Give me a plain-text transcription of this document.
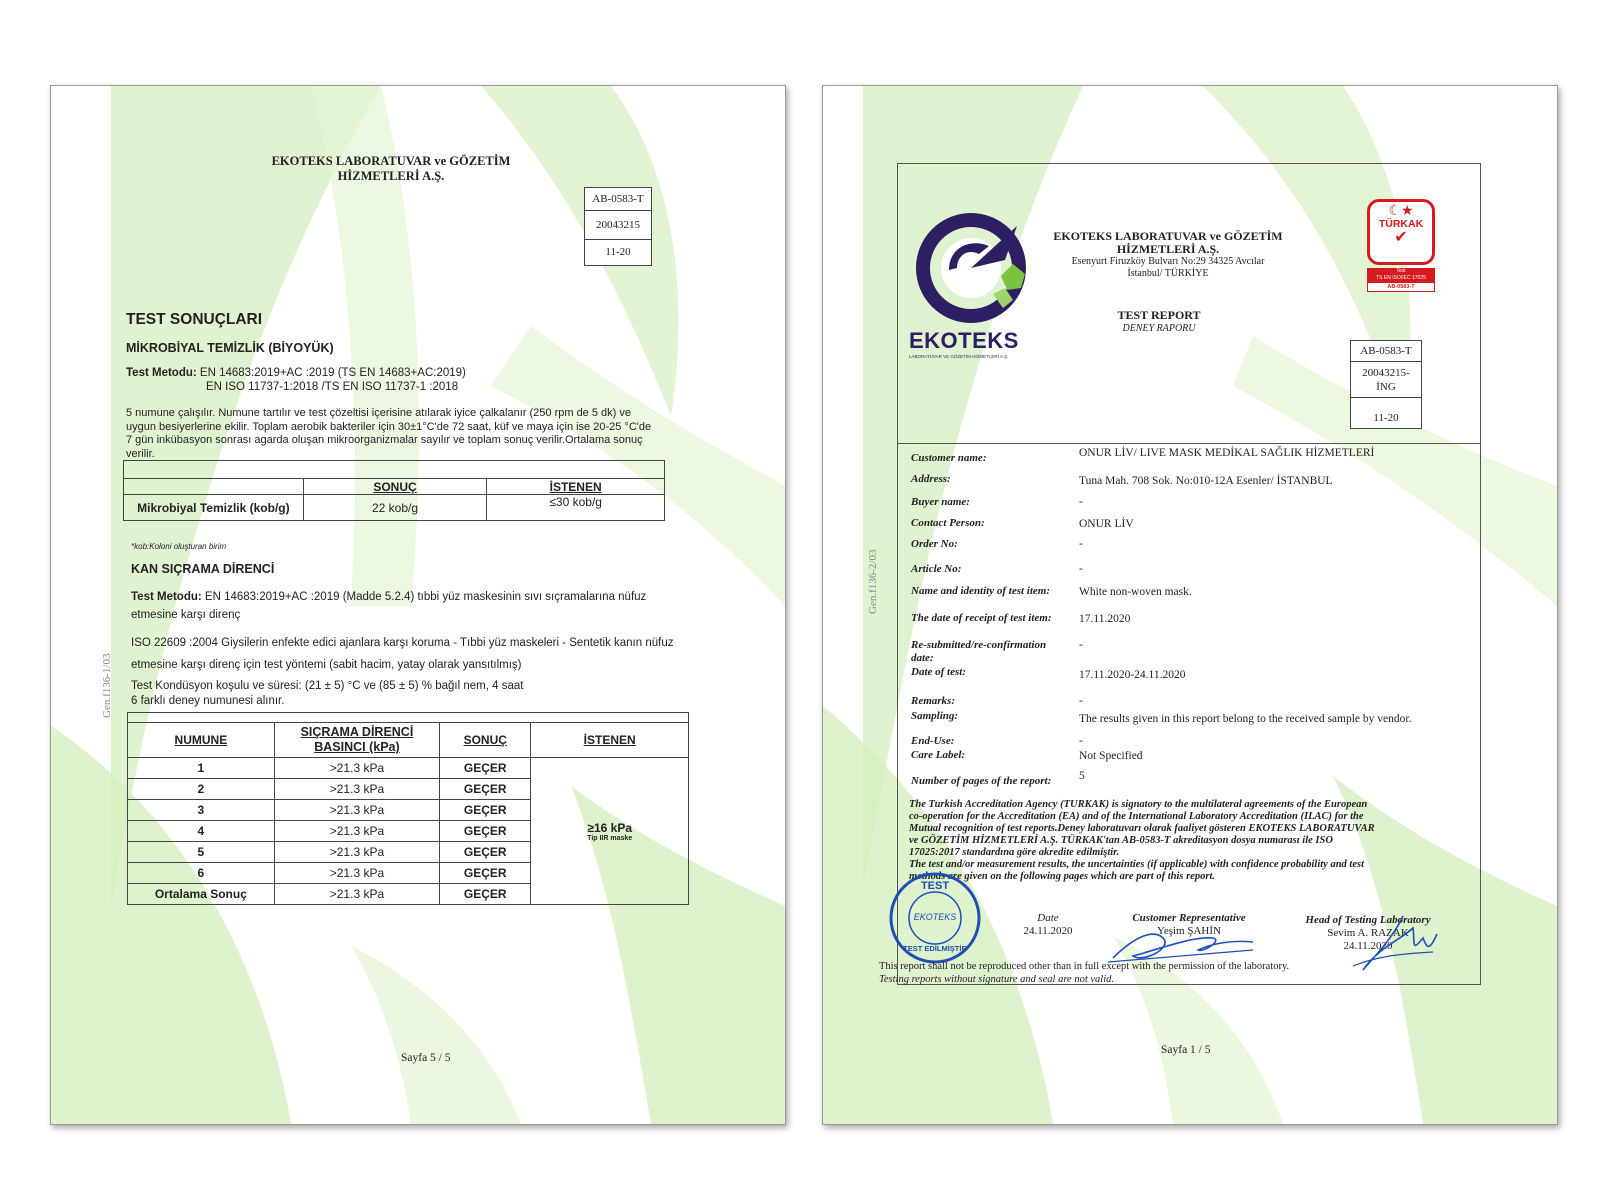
EKOTEKS LABORATUVAR ve GÖZETİM
HİZMETLERİ A.Ş.
AB-0583-T
20043215
11-20
Gen.f136-1/03
TEST SONUÇLARI
MİKROBİYAL TEMİZLİK (BİYOYÜK)
Test Metodu: EN 14683:2019+AC :2019 (TS EN 14683+AC:2019)
EN ISO 11737-1:2018 /TS EN ISO 11737-1 :2018
5 numune çalışılır. Numune tartılır ve test çözeltisi içerisine atılarak iyice çalkalanır (250 rpm de 5 dk) ve
uygun besiyerlerine ekilir. Toplam aerobik bakteriler için 30±1°C'de 72 saat, küf ve maya için ise 20-25 °C'de
7 gün inkübasyon sonrası agarda oluşan mikroorganizmalar sayılır ve toplam sonuç verilir.Ortalama sonuç
verilir.

	SONUÇ	İSTENEN
Mikrobiyal Temizlik (kob/g)	22 kob/g	≤30 kob/g
*kob:Koloni oluşturan birim
KAN SIÇRAMA DİRENCİ
Test Metodu: EN 14683:2019+AC :2019 (Madde 5.2.4) tıbbi yüz maskesinin sıvı sıçramalarına nüfuz
etmesine karşı direnç
ISO 22609 :2004 Giysilerin enfekte edici ajanlara karşı koruma - Tıbbi yüz maskeleri - Sentetik kanın nüfuz
etmesine karşı direnç için test yöntemi (sabit hacim, yatay olarak yansıtılmış)
Test Kondüsyon koşulu ve süresi: (21 ± 5) °C ve (85 ± 5) % bağıl nem, 4 saat
6 farklı deney numunesi alınır.

NUMUNE	SIÇRAMA DİRENCİ
BASINCI (kPa)	SONUÇ	İSTENEN
1	>21.3 kPa	GEÇER	≥16 kPa
Tip IIR maske

2	>21.3 kPa	GEÇER	
3	>21.3 kPa	GEÇER	
4	>21.3 kPa	GEÇER	
5	>21.3 kPa	GEÇER	
6	>21.3 kPa	GEÇER	
Ortalama Sonuç	>21.3 kPa	GEÇER	
Sayfa 5 / 5
EKOTEKS
LABORATUVAR VE GÖZETİM HİZMETLERİ A.Ş.
EKOTEKS LABORATUVAR ve GÖZETİM
HİZMETLERİ A.Ş.
Esenyurt Firuzköy Bulvarı No:29 34325 Avcılar
İstanbul/ TÜRKİYE
TEST REPORT
DENEY RAPORU
☾★
TÜRKAK
✔
Test
TS EN ISO/IEC 17025
AB-0583-T
AB-0583-T
20043215-
İNG
11-20
Gen.f136-2/03
Customer name:	ONUR LİV/ LIVE MASK MEDİKAL SAĞLIK HİZMETLERİ
Address:	Tuna Mah. 708 Sok. No:010-12A Esenler/ İSTANBUL
Buyer name:	-
Contact Person:	ONUR LİV
Order No:	-
Article No:	-
Name and identity of test item:	White non-woven mask.
The date of receipt of test item: 17.11.2020
Re-submitted/re-confirmation	-
date:
Date of test:	17.11.2020-24.11.2020
Remarks:	-
Sampling:	The results given in this report belong to the received sample by vendor.
End-Use:	-
Care Label:	Not Specified
Number of pages of the report: 5
The Turkish Accreditation Agency (TURKAK) is signatory to the multilateral agreements of the European
co-operation for the Accreditation (EA) and of the International Laboratory Accreditation (ILAC) for the
Mutual recognition of test reports.Deney laboratuvarı olarak faaliyet gösteren EKOTEKS LABORATUVAR
ve GÖZETİM HİZMETLERİ A.Ş. TÜRKAK'tan AB-0583-T akreditasyon dosya numarası ile ISO
17025:2017 standardına göre akredite edilmiştir.
The test and/or measurement results, the uncertainties (if applicable) with confidence probability and test
methods are given on the following pages which are part of this report.
Date
24.11.2020
Customer Representative
Yeşim ŞAHİN
Head of Testing Laboratory
Sevim A. RAZAK
24.11.2020
TEST
EKOTEKS
TEST EDİLMİŞTİR
This report shall not be reproduced other than in full except with the permission of the laboratory.
Testing reports without signature and seal are not valid.
Sayfa 1 / 5
